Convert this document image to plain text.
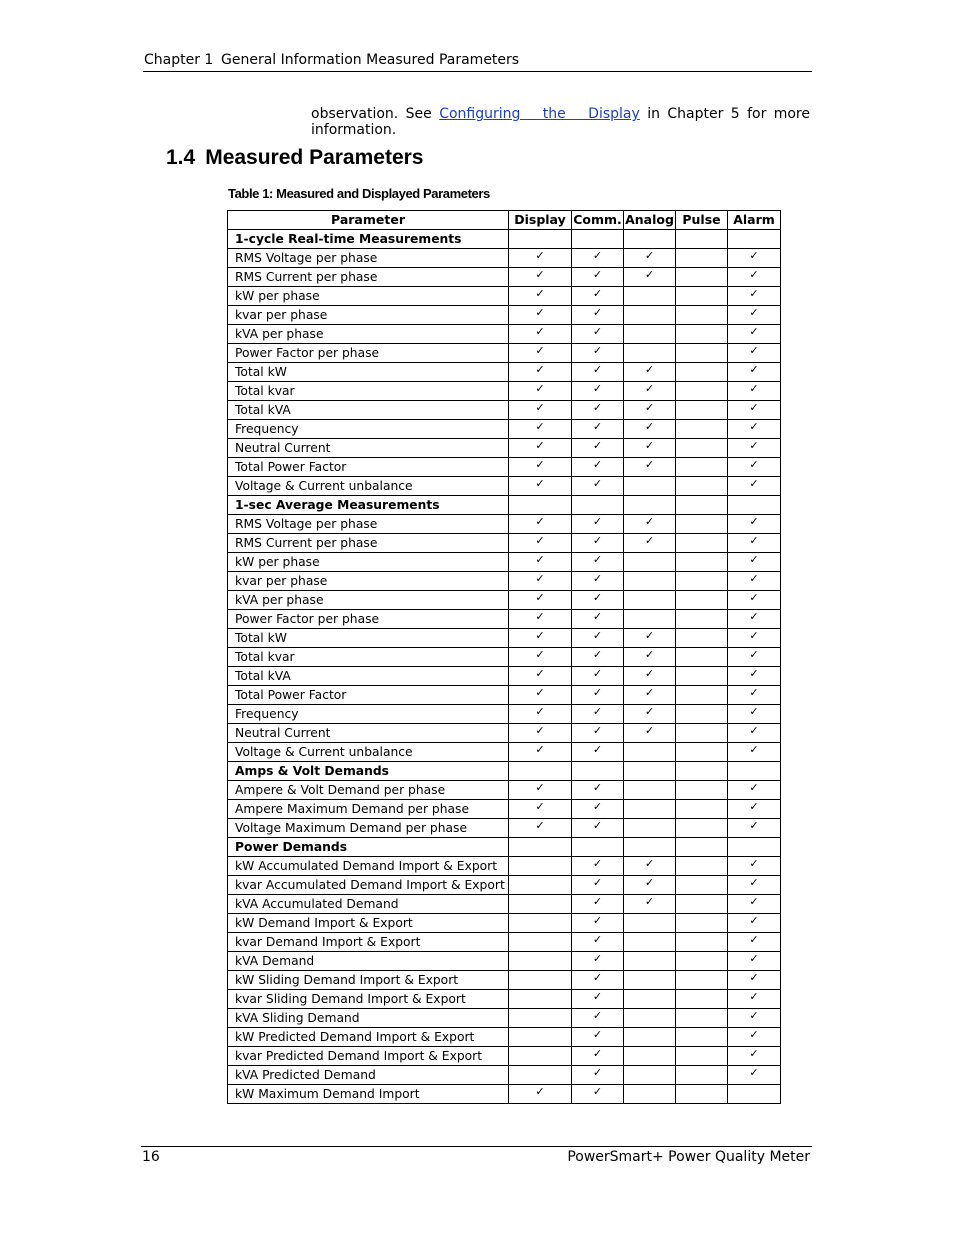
Chapter 1 General Information Measured Parameters
observation. See Configuring the Display in Chapter 5 for more information.
1.4 Measured Parameters
Table 1: Measured and Displayed Parameters
Parameter	Display	Comm.	Analog	Pulse	Alarm
1-cycle Real-time Measurements					
RMS Voltage per phase	✓	✓	✓		✓
RMS Current per phase	✓	✓	✓		✓
kW per phase	✓	✓			✓
kvar per phase	✓	✓			✓
kVA per phase	✓	✓			✓
Power Factor per phase	✓	✓			✓
Total kW	✓	✓	✓		✓
Total kvar	✓	✓	✓		✓
Total kVA	✓	✓	✓		✓
Frequency	✓	✓	✓		✓
Neutral Current	✓	✓	✓		✓
Total Power Factor	✓	✓	✓		✓
Voltage & Current unbalance	✓	✓			✓
1-sec Average Measurements					
RMS Voltage per phase	✓	✓	✓		✓
RMS Current per phase	✓	✓	✓		✓
kW per phase	✓	✓			✓
kvar per phase	✓	✓			✓
kVA per phase	✓	✓			✓
Power Factor per phase	✓	✓			✓
Total kW	✓	✓	✓		✓
Total kvar	✓	✓	✓		✓
Total kVA	✓	✓	✓		✓
Total Power Factor	✓	✓	✓		✓
Frequency	✓	✓	✓		✓
Neutral Current	✓	✓	✓		✓
Voltage & Current unbalance	✓	✓			✓
Amps & Volt Demands					
Ampere & Volt Demand per phase	✓	✓			✓
Ampere Maximum Demand per phase	✓	✓			✓
Voltage Maximum Demand per phase	✓	✓			✓
Power Demands					
kW Accumulated Demand Import & Export		✓	✓		✓
kvar Accumulated Demand Import & Export		✓	✓		✓
kVA Accumulated Demand		✓	✓		✓
kW Demand Import & Export		✓			✓
kvar Demand Import & Export		✓			✓
kVA Demand		✓			✓
kW Sliding Demand Import & Export		✓			✓
kvar Sliding Demand Import & Export		✓			✓
kVA Sliding Demand		✓			✓
kW Predicted Demand Import & Export		✓			✓
kvar Predicted Demand Import & Export		✓			✓
kVA Predicted Demand		✓			✓
kW Maximum Demand Import	✓	✓			
16	PowerSmart+ Power Quality Meter
